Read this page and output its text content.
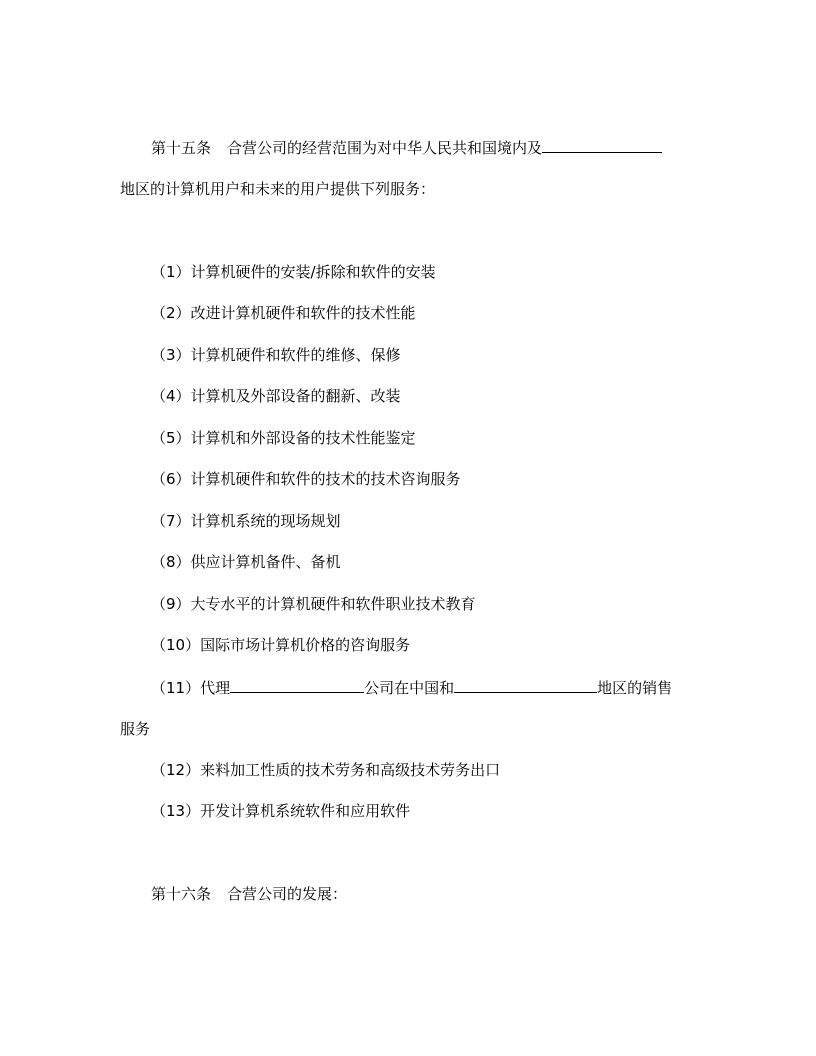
第十五条 合营公司的经营范围为对中华人民共和国境内及
地区的计算机用户和未来的用户提供下列服务：
（1）计算机硬件的安装/拆除和软件的安装
（2）改进计算机硬件和软件的技术性能
（3）计算机硬件和软件的维修、保修
（4）计算机及外部设备的翻新、改装
（5）计算机和外部设备的技术性能鉴定
（6）计算机硬件和软件的技术的技术咨询服务
（7）计算机系统的现场规划
（8）供应计算机备件、备机
（9）大专水平的计算机硬件和软件职业技术教育
（10）国际市场计算机价格的咨询服务
（11）代理	公司在中国和	地区的销售
服务
（12）来料加工性质的技术劳务和高级技术劳务出口
（13）开发计算机系统软件和应用软件
第十六条 合营公司的发展：
